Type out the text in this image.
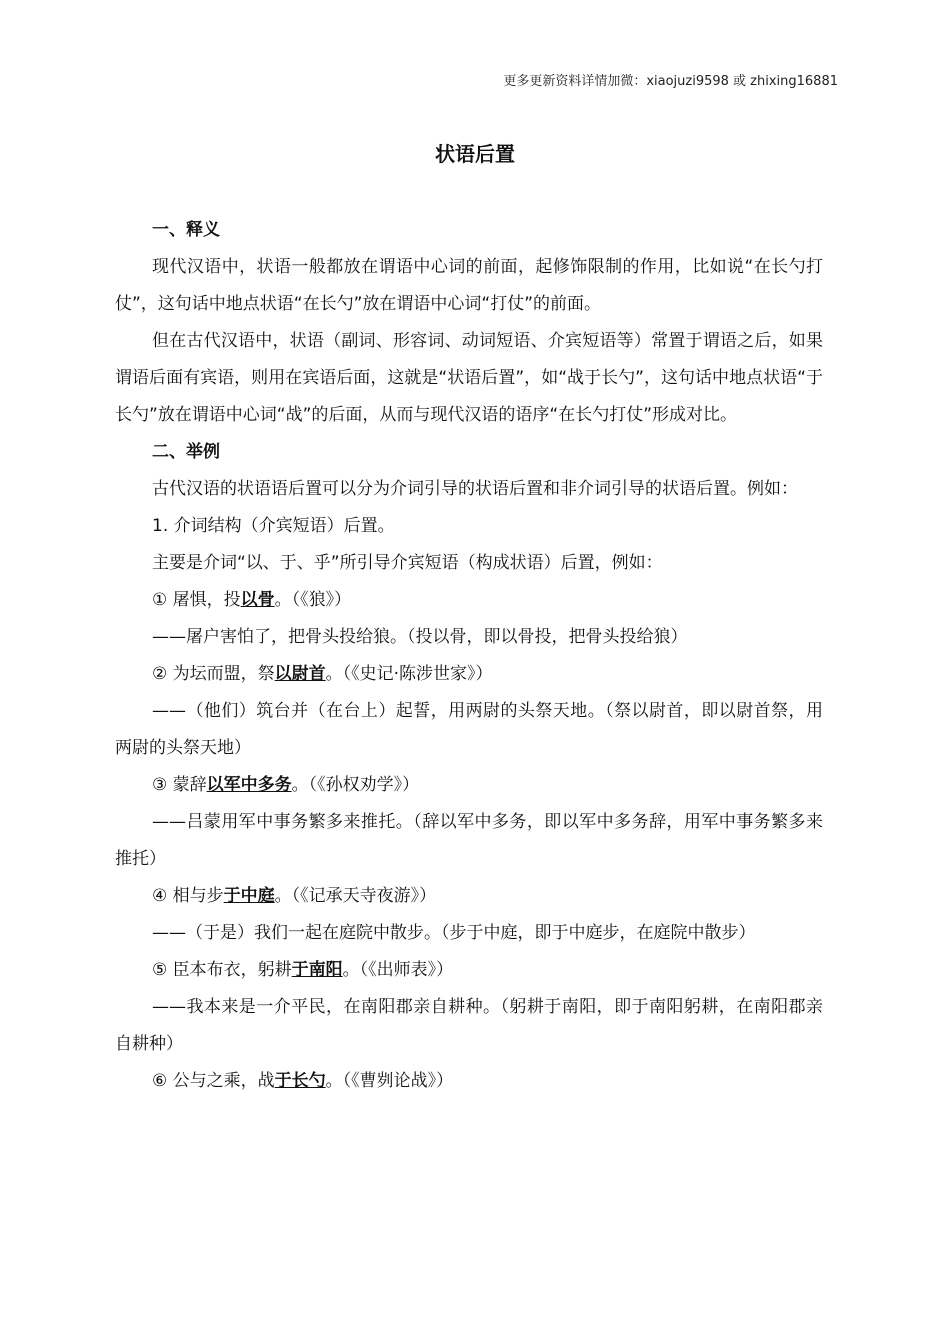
更多更新资料详情加微：xiaojuzi9598 或 zhixing16881
状语后置

一、释义

现代汉语中，状语一般都放在谓语中心词的前面，起修饰限制的作用，比如说“在长勺打仗”，这句话中地点状语“在长勺”放在谓语中心词“打仗”的前面。

但在古代汉语中，状语（副词、形容词、动词短语、介宾短语等）常置于谓语之后，如果谓语后面有宾语，则用在宾语后面，这就是“状语后置”，如“战于长勺”，这句话中地点状语“于长勺”放在谓语中心词“战”的后面，从而与现代汉语的语序“在长勺打仗”形成对比。

二、举例

古代汉语的状语语后置可以分为介词引导的状语后置和非介词引导的状语后置。例如：

1. 介词结构（介宾短语）后置。

主要是介词“以、于、乎”所引导介宾短语（构成状语）后置，例如：

① 屠惧，投以骨。（《狼》）

——屠户害怕了，把骨头投给狼。（投以骨，即以骨投，把骨头投给狼）

② 为坛而盟，祭以尉首。（《史记·陈涉世家》）

——（他们）筑台并（在台上）起誓，用两尉的头祭天地。（祭以尉首，即以尉首祭，用两尉的头祭天地）

③ 蒙辞以军中多务。（《孙权劝学》）

——吕蒙用军中事务繁多来推托。（辞以军中多务，即以军中多务辞，用军中事务繁多来推托）

④ 相与步于中庭。（《记承天寺夜游》）

——（于是）我们一起在庭院中散步。（步于中庭，即于中庭步，在庭院中散步）

⑤ 臣本布衣，躬耕于南阳。（《出师表》）

——我本来是一介平民，在南阳郡亲自耕种。（躬耕于南阳，即于南阳躬耕，在南阳郡亲自耕种）

⑥ 公与之乘，战于长勺。（《曹刿论战》）
